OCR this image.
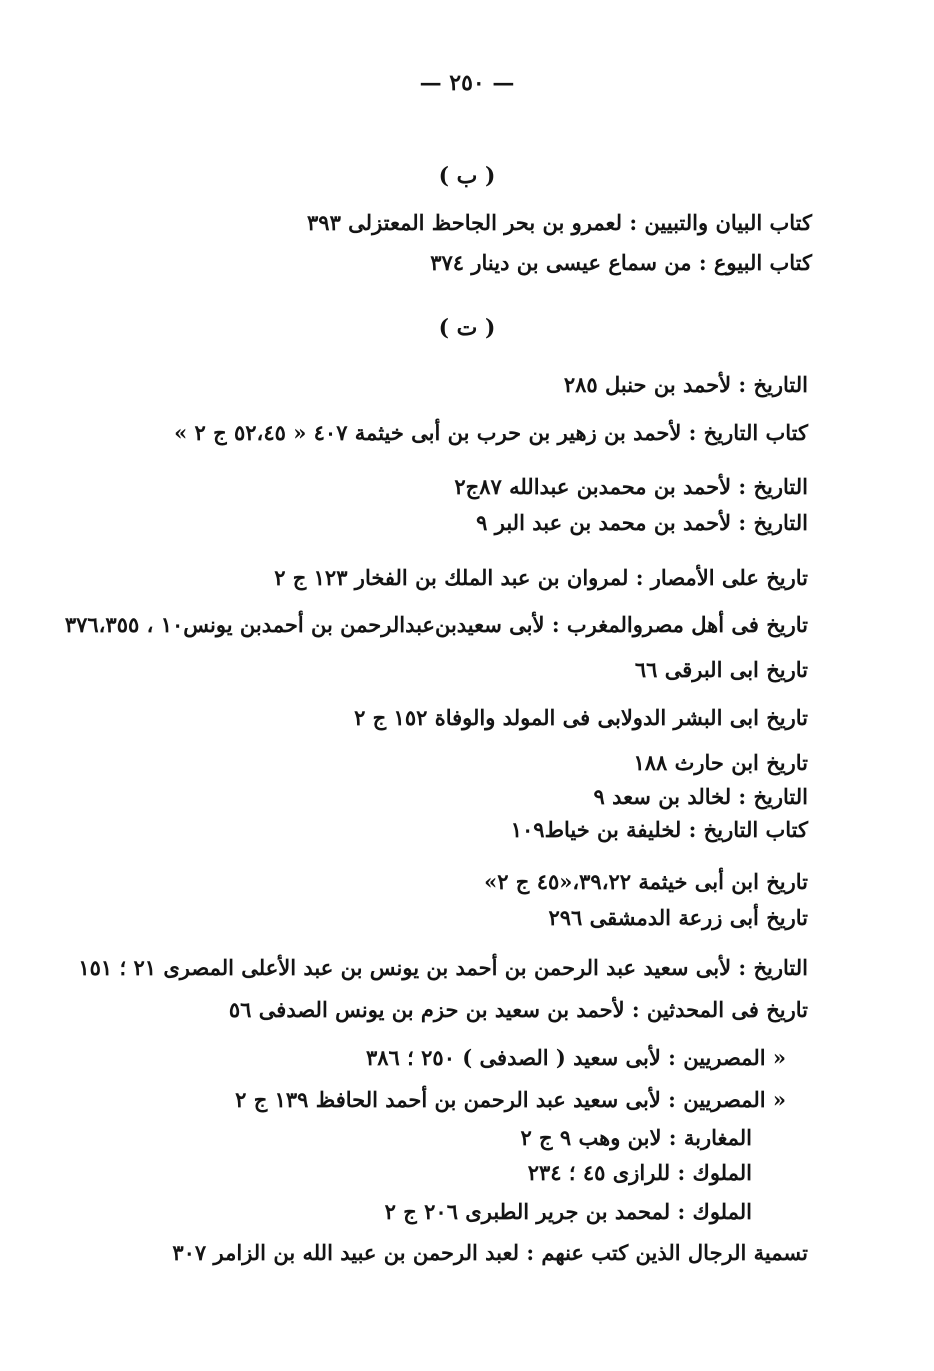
— ٢٥٠ —
( ب )
كتاب البيان والتبيين : لعمرو بن بحر الجاحظ المعتزلى ٣٩٣
كتاب البيوع : من سماع عيسى بن دينار ٣٧٤
( ت )
التاريخ : لأحمد بن حنبل ٢٨٥
كتاب التاريخ : لأحمد بن زهير بن حرب بن أبى خيثمة ٤٠٧ « ٥٢،٤٥ ج ٢ »
التاريخ : لأحمد بن محمدبن عبدالله ٨٧ج٢
التاريخ : لأحمد بن محمد بن عبد البر ٩
تاريخ على الأمصار : لمروان بن عبد الملك بن الفخار ١٢٣ ج ٢
تاريخ فى أهل مصروالمغرب : لأبى سعيدبن‌عبدالرحمن بن أحمدبن يونس١٠ ، ٣٧٦،٣٥٥
تاريخ ابى البرقى ٦٦
تاريخ ابى البشر الدولابى فى المولد والوفاة ١٥٢ ج ٢
تاريخ ابن حارث ١٨٨
التاريخ : لخالد بن سعد ٩
كتاب التاريخ : لخليفة بن خياط١٠٩
تاريخ ابن أبى خيثمة ٣٩،٢٢،«٤٥ ج ٢»
تاريخ أبى زرعة الدمشقى ٢٩٦
التاريخ : لأبى سعيد عبد الرحمن بن أحمد بن يونس بن عبد الأعلى المصرى ٢١ ؛ ١٥١
تاريخ فى المحدثين : لأحمد بن سعيد بن حزم بن يونس الصدفى ٥٦
« المصريين : لأبى سعيد ( الصدفى ) ٢٥٠ ؛ ٣٨٦
« المصريين : لأبى سعيد عبد الرحمن بن أحمد الحافظ ١٣٩ ج ٢
المغاربة : لابن وهب ٩ ج ٢
الملوك : للرازى ٤٥ ؛ ٢٣٤
الملوك : لمحمد بن جرير الطبرى ٢٠٦ ج ٢
تسمية الرجال الذين كتب عنهم : لعبد الرحمن بن عبيد الله بن الزامر ٣٠٧
